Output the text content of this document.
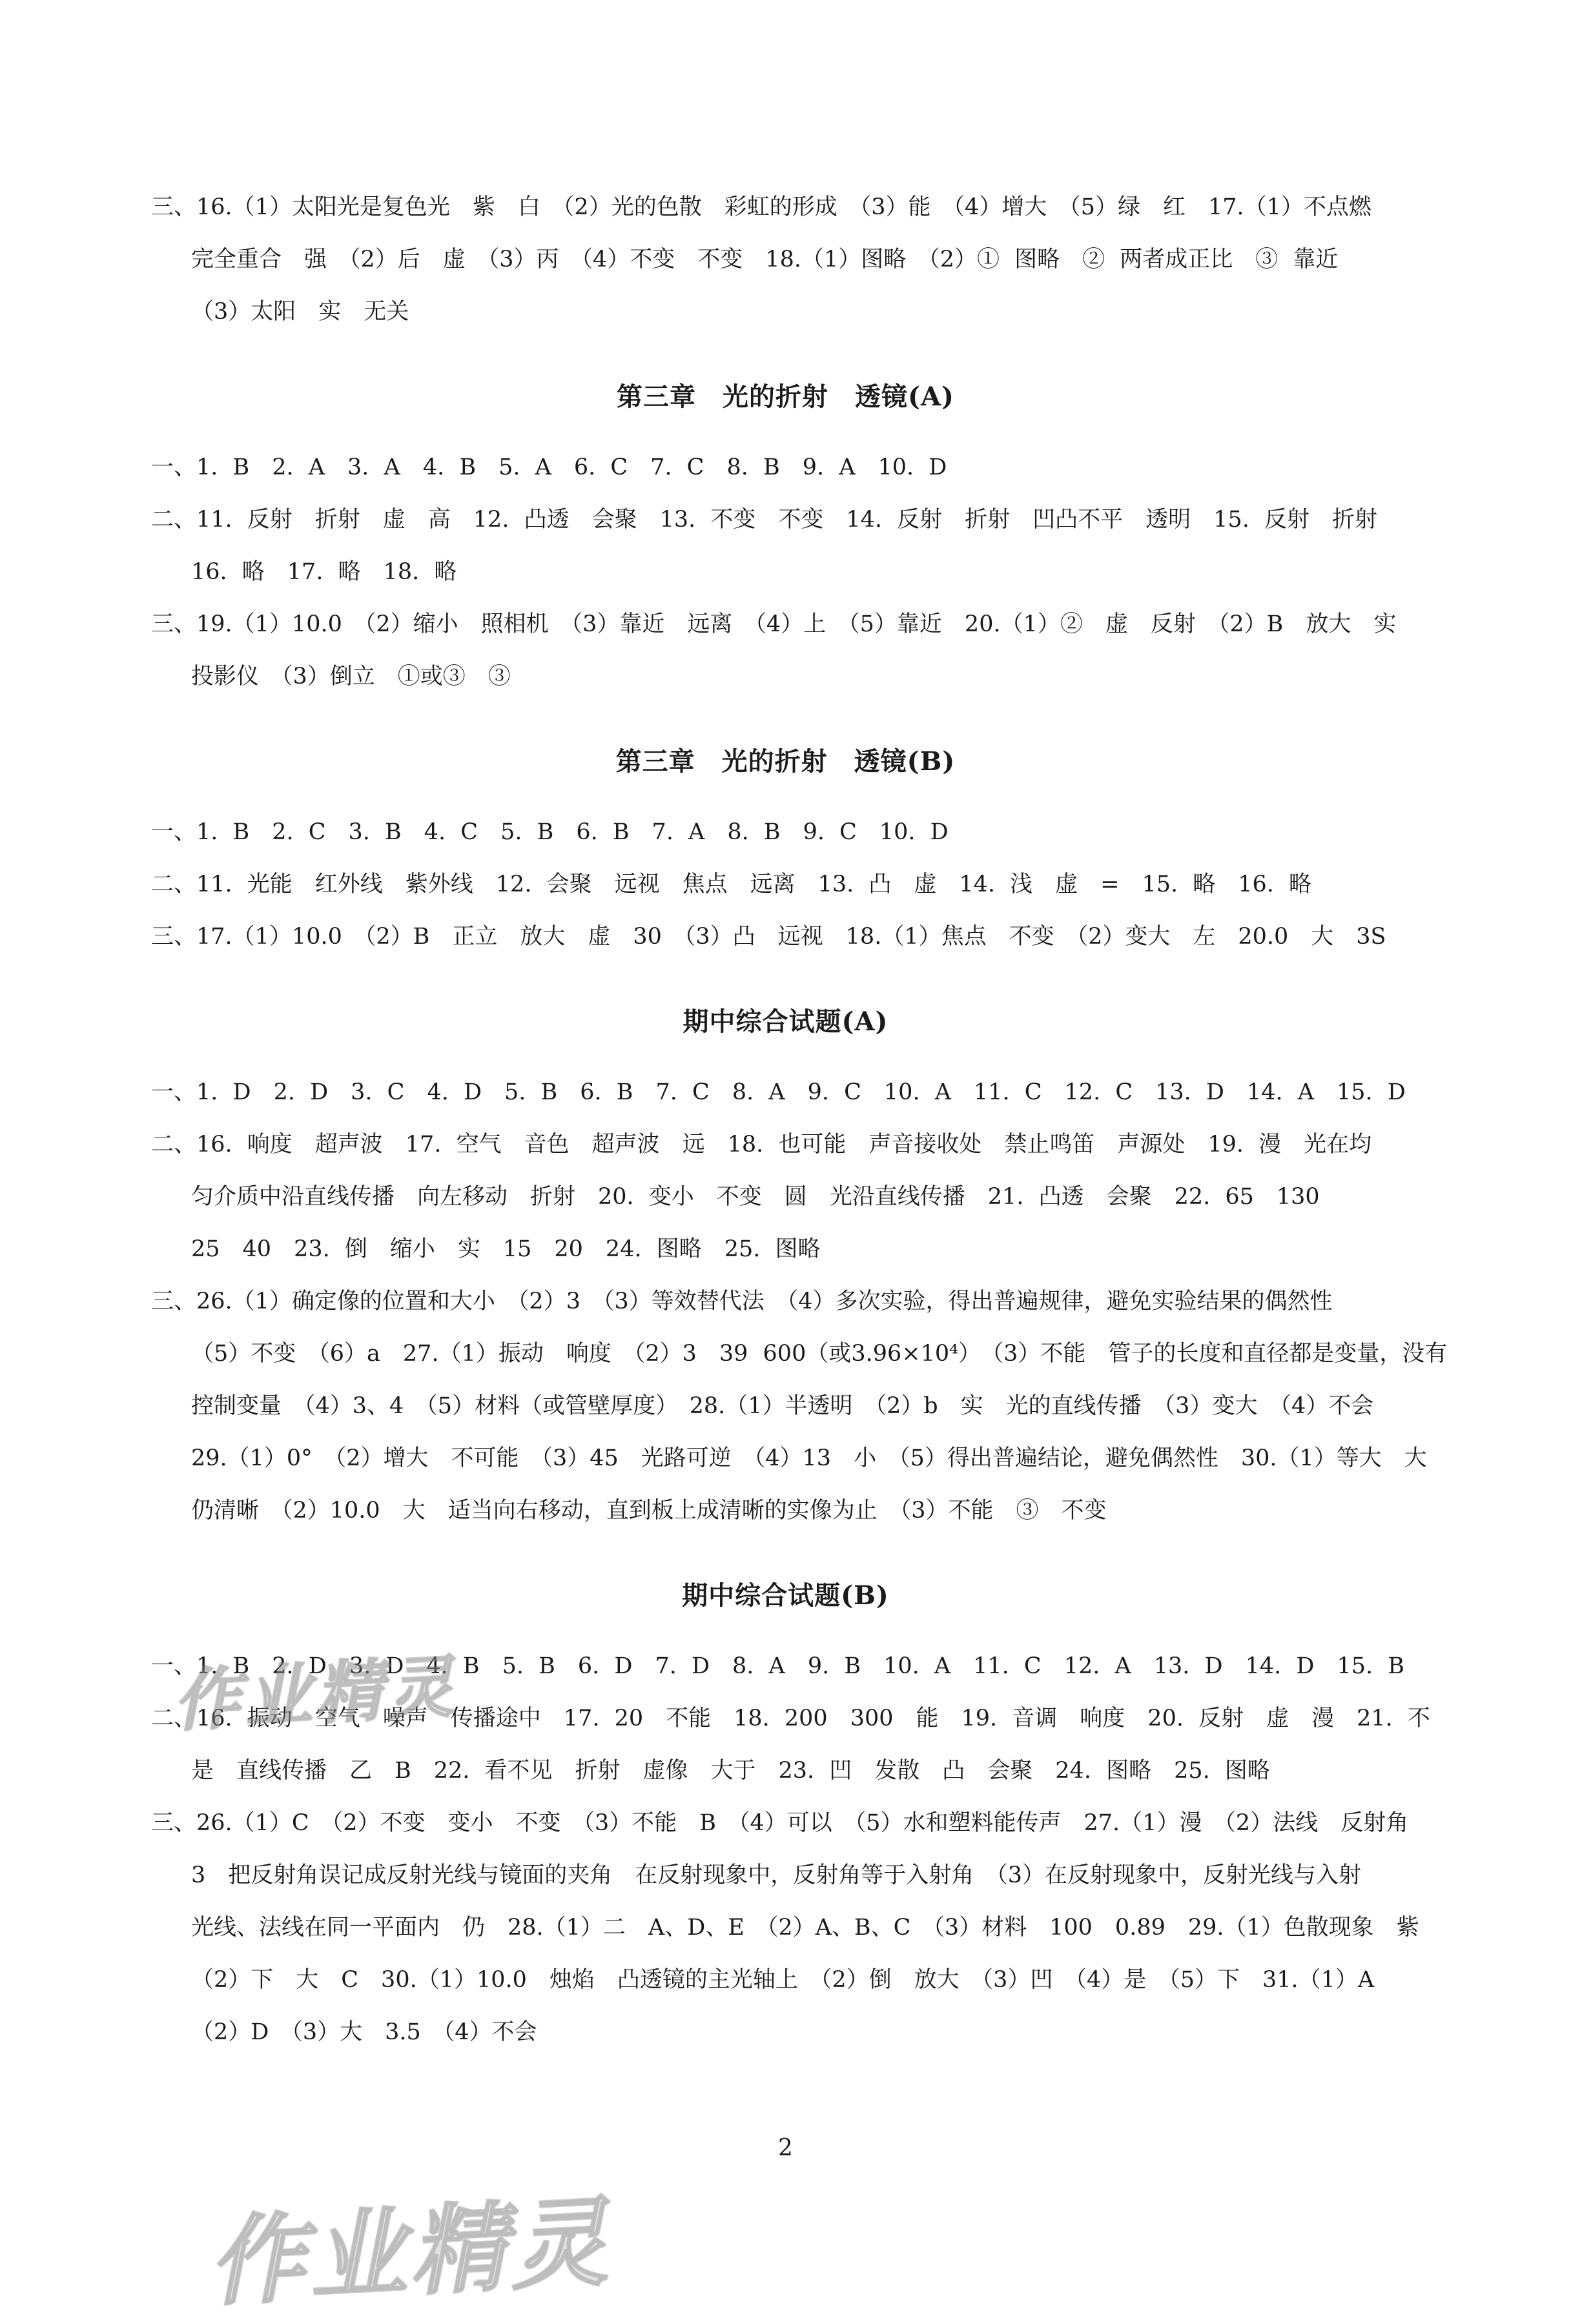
三、16.（1）太阳光是复色光　紫　白　（2）光的色散　彩虹的形成　（3）能　（4）增大　（5）绿　红　17.（1）不点燃
完全重合　强　（2）后　虚　（3）丙　（4）不变　不变　18.（1）图略　（2）① 图略　② 两者成正比　③ 靠近
（3）太阳　实　无关
第三章　光的折射　透镜(A)
一、1. B　2. A　3. A　4. B　5. A　6. C　7. C　8. B　9. A　10. D
二、11. 反射　折射　虚　高　12. 凸透　会聚　13. 不变　不变　14. 反射　折射　凹凸不平　透明　15. 反射　折射
16. 略　17. 略　18. 略
三、19.（1）10.0　（2）缩小　照相机　（3）靠近　远离　（4）上　（5）靠近　20.（1）②　虚　反射　（2）B　放大　实
投影仪　（3）倒立　①或③　③
第三章　光的折射　透镜(B)
一、1. B　2. C　3. B　4. C　5. B　6. B　7. A　8. B　9. C　10. D
二、11. 光能　红外线　紫外线　12. 会聚　远视　焦点　远离　13. 凸　虚　14. 浅　虚　=　15. 略　16. 略
三、17.（1）10.0　（2）B　正立　放大　虚　30　（3）凸　远视　18.（1）焦点　不变　（2）变大　左　20.0　大　3S
期中综合试题(A)
一、1. D　2. D　3. C　4. D　5. B　6. B　7. C　8. A　9. C　10. A　11. C　12. C　13. D　14. A　15. D
二、16. 响度　超声波　17. 空气　音色　超声波　远　18. 也可能　声音接收处　禁止鸣笛　声源处　19. 漫　光在均
匀介质中沿直线传播　向左移动　折射　20. 变小　不变　圆　光沿直线传播　21. 凸透　会聚　22. 65　130
25　40　23. 倒　缩小　实　15　20　24. 图略　25. 图略
三、26.（1）确定像的位置和大小　（2）3　（3）等效替代法　（4）多次实验，得出普遍规律，避免实验结果的偶然性
（5）不变　（6）a　27.（1）振动　响度　（2）3　39 600（或3.96×10⁴）　（3）不能　管子的长度和直径都是变量，没有
控制变量　（4）3、4　（5）材料（或管壁厚度）　28.（1）半透明　（2）b　实　光的直线传播　（3）变大　（4）不会
29.（1）0°　（2）增大　不可能　（3）45　光路可逆　（4）13　小　（5）得出普遍结论，避免偶然性　30.（1）等大　大
仍清晰　（2）10.0　大　适当向右移动，直到板上成清晰的实像为止　（3）不能　③　不变
期中综合试题(B)
一、1. B　2. D　3. D　4. B　5. B　6. D　7. D　8. A　9. B　10. A　11. C　12. A　13. D　14. D　15. B
二、16. 振动　空气　噪声　传播途中　17. 20　不能　18. 200　300　能　19. 音调　响度　20. 反射　虚　漫　21. 不
是　直线传播　乙　B　22. 看不见　折射　虚像　大于　23. 凹　发散　凸　会聚　24. 图略　25. 图略
三、26.（1）C　（2）不变　变小　不变　（3）不能　B　（4）可以　（5）水和塑料能传声　27.（1）漫　（2）法线　反射角
3　把反射角误记成反射光线与镜面的夹角　在反射现象中，反射角等于入射角　（3）在反射现象中，反射光线与入射
光线、法线在同一平面内　仍　28.（1）二　A、D、E　（2）A、B、C　（3）材料　100　0.89　29.（1）色散现象　紫
（2）下　大　C　30.（1）10.0　烛焰　凸透镜的主光轴上　（2）倒　放大　（3）凹　（4）是　（5）下　31.（1）A
（2）D　（3）大　3.5　（4）不会
2
作业精灵
作业精灵
